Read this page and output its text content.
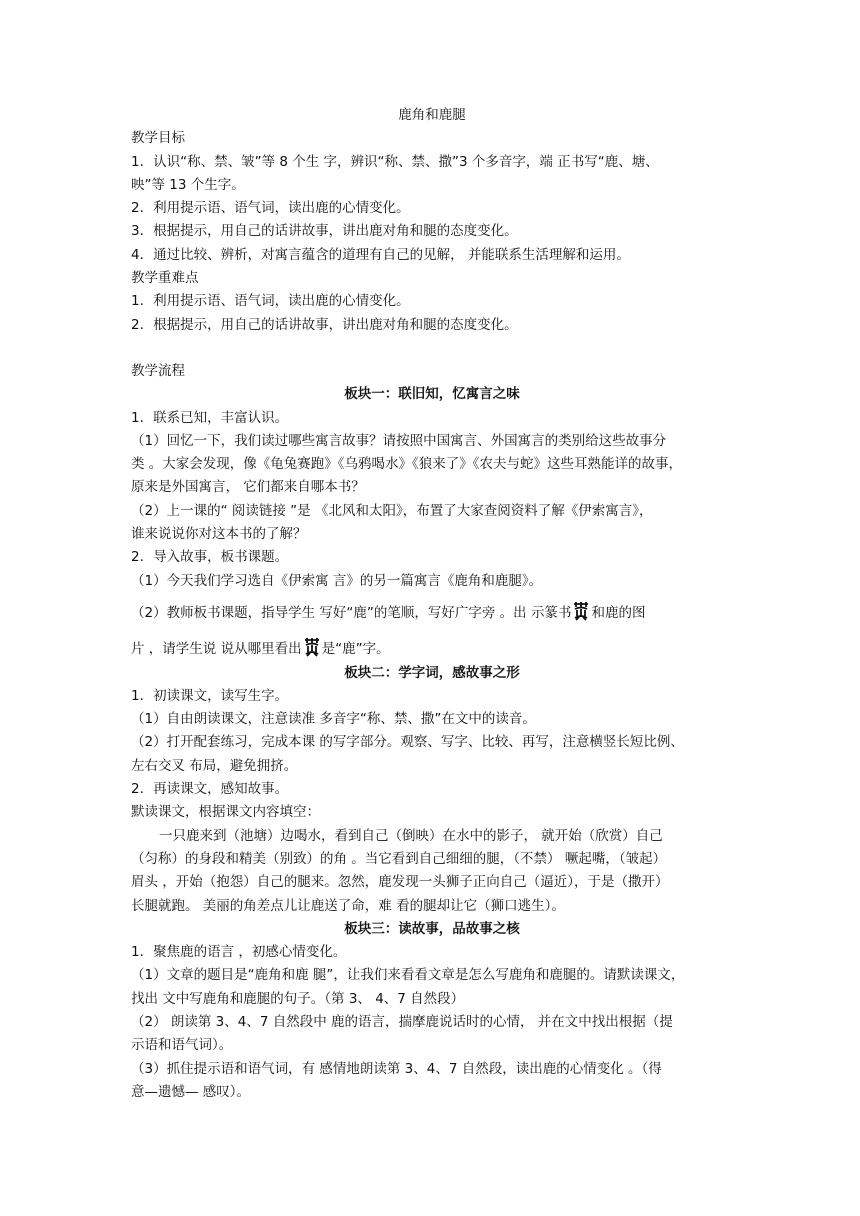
鹿角和鹿腿
教学目标
1．认识“称、禁、皱”等 8 个生 字，辨识“称、禁、撒”3 个多音字，端 正书写“鹿、塘、
映”等 13 个生字。
2．利用提示语、语气词，读出鹿的心情变化。
3．根据提示，用自己的话讲故事，讲出鹿对角和腿的态度变化。
4．通过比较、辨析，对寓言蕴含的道理有自己的见解， 并能联系生活理解和运用。
教学重难点
1．利用提示语、语气词，读出鹿的心情变化。
2．根据提示，用自己的话讲故事，讲出鹿对角和腿的态度变化。
教学流程
板块一：联旧知，忆寓言之味
1．联系已知，丰富认识。
（1）回忆一下，我们读过哪些寓言故事？请按照中国寓言、外国寓言的类别给这些故事分
类 。大家会发现，像《龟兔赛跑》《乌鸦喝水》《狼来了》《农夫与蛇》这些耳熟能详的故事，
原来是外国寓言， 它们都来自哪本书？
（2）上一课的“ 阅读链接 ”是 《北风和太阳》，布置了大家查阅资料了解《伊索寓言》，
谁来说说你对这本书的了解？
2．导入故事，板书课题。
（1）今天我们学习选自《伊索寓 言》的另一篇寓言《鹿角和鹿腿》。
（2）教师板书课题，指导学生 写好“鹿”的笔顺，写好广字旁 。出 示篆书 和鹿的图
片 ，请学生说 说从哪里看出 是“鹿”字。
板块二：学字词，感故事之形
1．初读课文，读写生字。
（1）自由朗读课文，注意读准 多音字“称、禁、撒”在文中的读音。
（2）打开配套练习，完成本课 的写字部分。观察、写字、比较、再写，注意横竖长短比例、
左右交叉 布局，避免拥挤。
2．再读课文，感知故事。
默读课文，根据课文内容填空：
一只鹿来到（池塘）边喝水，看到自己（倒映）在水中的影子， 就开始（欣赏）自己
（匀称）的身段和精美（别致）的角 。当它看到自己细细的腿，（不禁） 噘起嘴，（皱起）
眉头 ，开始（抱怨）自己的腿来。忽然，鹿发现一头狮子正向自己（逼近），于是（撒开）
长腿就跑。 美丽的角差点儿让鹿送了命，难 看的腿却让它（狮口逃生）。
板块三：读故事，品故事之核
1．聚焦鹿的语言 ，初感心情变化。
（1）文章的题目是“鹿角和鹿 腿”，让我们来看看文章是怎么写鹿角和鹿腿的。请默读课文，
找出 文中写鹿角和鹿腿的句子。（第 3、 4、7 自然段）
（2） 朗读第 3、4、7 自然段中 鹿的语言，揣摩鹿说话时的心情， 并在文中找出根据（提
示语和语气词）。
（3）抓住提示语和语气词，有 感情地朗读第 3、4、7 自然段，读出鹿的心情变化 。（得
意—遗憾— 感叹）。
